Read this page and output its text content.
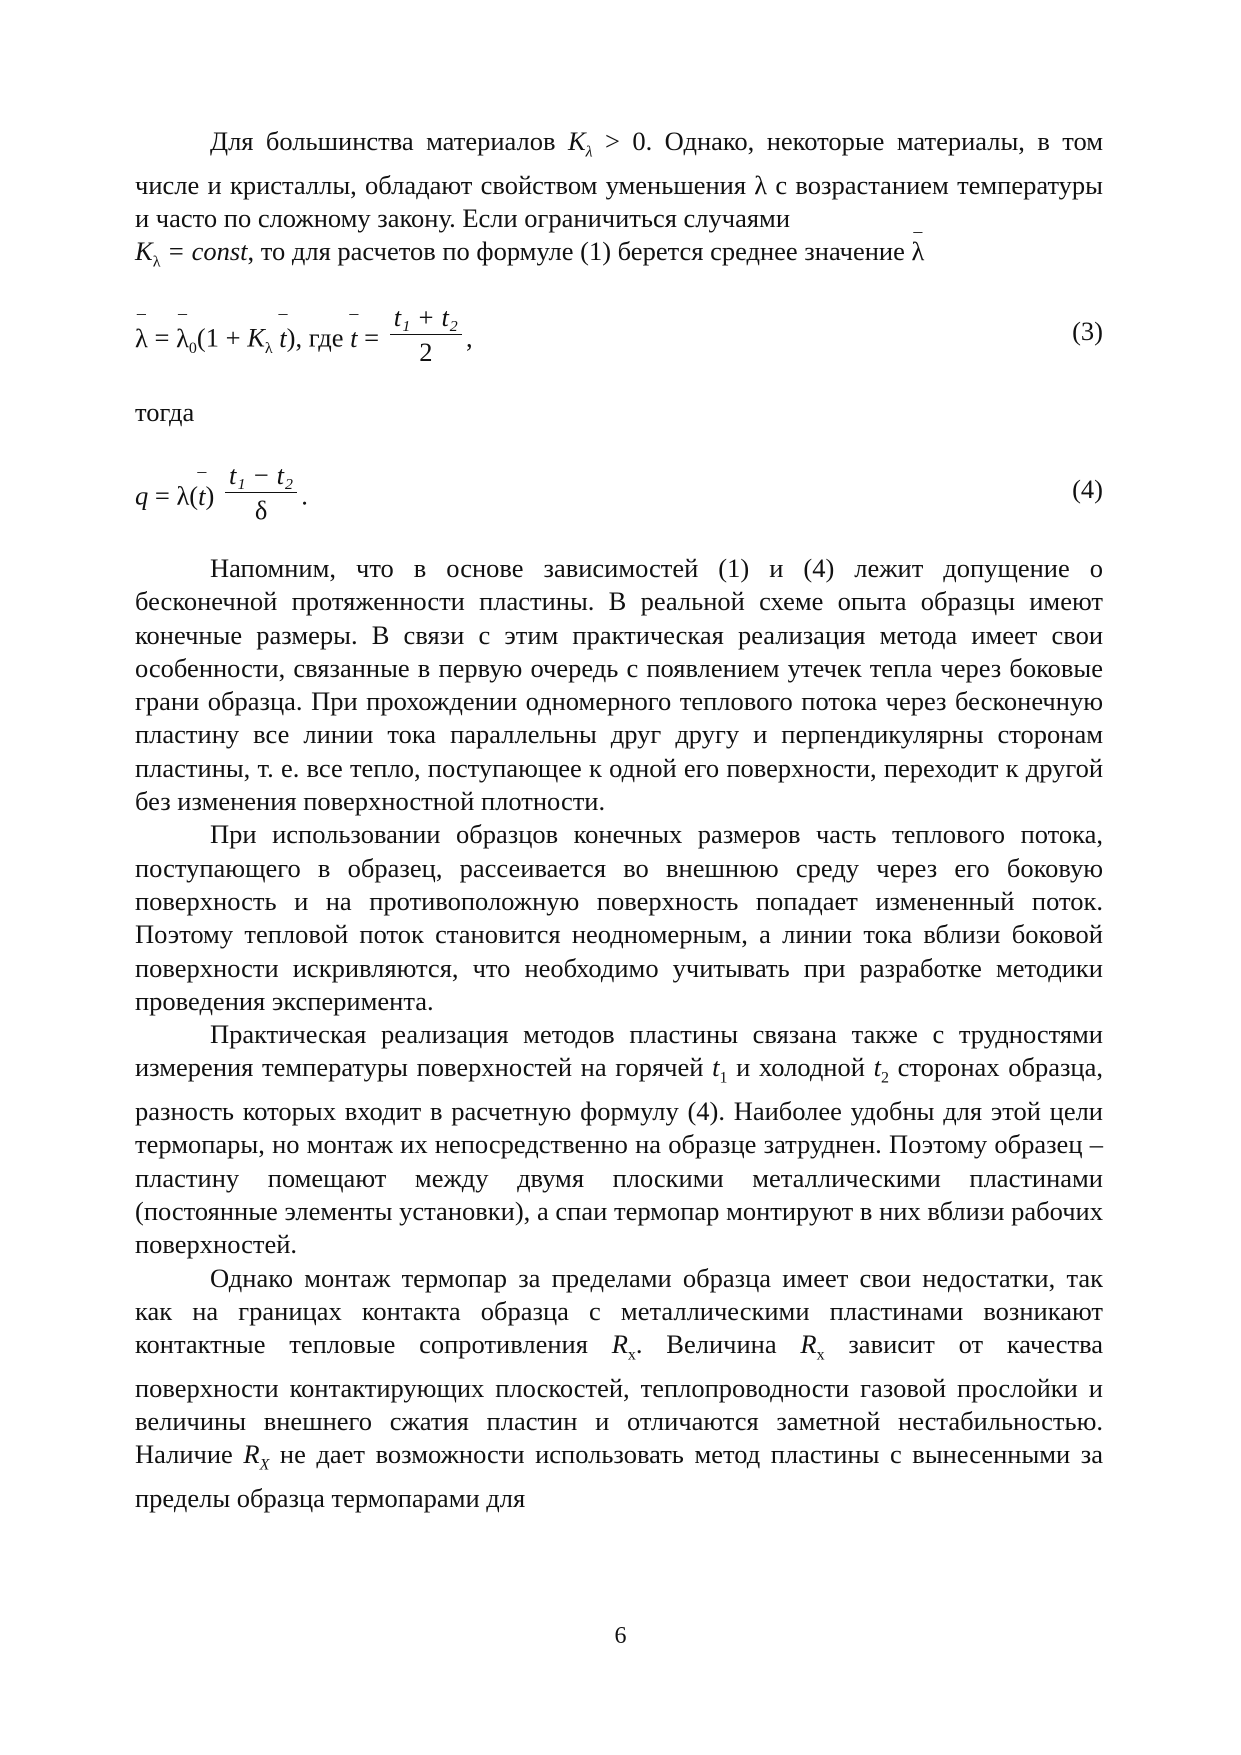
Для большинства материалов $K_\lambda > 0$. Однако, некоторые материалы, в том числе и кристаллы, обладают свойством уменьшения λ с возрастанием температуры и часто по сложному закону. Если ограничиться случаями

$K_\lambda$ = const, то для расчетов по формуле (1) берется среднее значение – λ

– λ = – $\lambda_0(1 + K_\lambda - t)$, где – $t = \frac{\text{t₁ + t₂}}{2}$ ,	(3)

тогда

q = λ(– $t) \frac{\text{t₁ − t₂}}{\delta}$ .	(4)

Напомним, что в основе зависимостей (1) и (4) лежит допущение о бесконечной протяженности пластины. В реальной схеме опыта образцы имеют конечные размеры. В связи с этим практическая реализация метода имеет свои особенности, связанные в первую очередь с появлением утечек тепла через боковые грани образца. При прохождении одномерного теплового потока через бесконечную пластину все линии тока параллельны друг другу и перпендикулярны сторонам пластины, т. е. все тепло, поступающее к одной его поверхности, переходит к другой без изменения поверхностной плотности.

При использовании образцов конечных размеров часть теплового потока, поступающего в образец, рассеивается во внешнюю среду через его боковую поверхность и на противоположную поверхность попадает измененный поток. Поэтому тепловой поток становится неодномерным, а линии тока вблизи боковой поверхности искривляются, что необходимо учитывать при разработке методики проведения эксперимента.

Практическая реализация методов пластины связана также с трудностями измерения температуры поверхностей на горячей $t_1$ и холодной $t_2$ сторонах образца, разность которых входит в расчетную формулу (4). Наиболее удобны для этой цели термопары, но монтаж их непосредственно на образце затруднен. Поэтому образец – пластину помещают между двумя плоскими металлическими пластинами (постоянные элементы установки), а спаи термопар монтируют в них вблизи рабочих поверхностей.

Однако монтаж термопар за пределами образца имеет свои недостатки, так как на границах контакта образца с металлическими пластинами возникают контактные тепловые сопротивления $R_x$. Величина $R_x$ зависит от качества поверхности контактирующих плоскостей, теплопроводности газовой прослойки и величины внешнего сжатия пластин и отличаются заметной нестабильностью. Наличие $R_X$ не дает возможности использовать метод пластины с вынесенными за пределы образца термопарами для

6
